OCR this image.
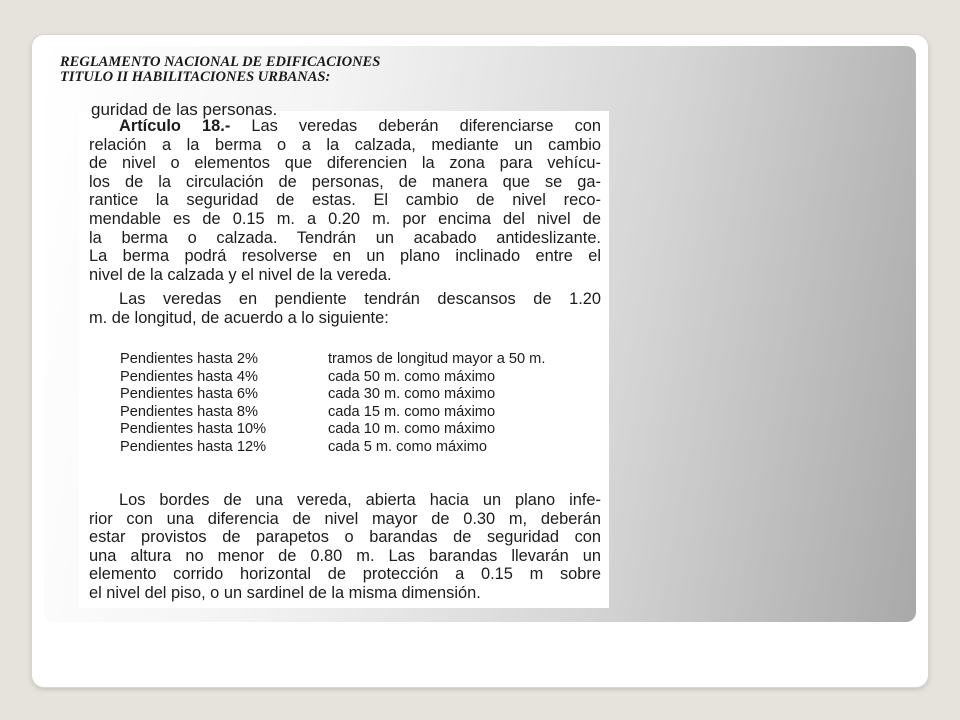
REGLAMENTO NACIONAL DE EDIFICACIONES
TITULO II HABILITACIONES URBANAS:
guridad de las personas.

Artículo 18.- Las veredas deberán diferenciarse con
relación a la berma o a la calzada, mediante un cambio
de nivel o elementos que diferencien la zona para vehícu-
los de la circulación de personas, de manera que se ga-
rantice la seguridad de estas. El cambio de nivel reco-
mendable es de 0.15 m. a 0.20 m. por encima del nivel de
la berma o calzada. Tendrán un acabado antideslizante.
La berma podrá resolverse en un plano inclinado entre el
nivel de la calzada y el nivel de la vereda.

Las veredas en pendiente tendrán descansos de 1.20
m. de longitud, de acuerdo a lo siguiente:

Pendientes hasta 2%	tramos de longitud mayor a 50 m.
Pendientes hasta 4%	cada 50 m. como máximo
Pendientes hasta 6%	cada 30 m. como máximo
Pendientes hasta 8%	cada 15 m. como máximo
Pendientes hasta 10%	cada 10 m. como máximo
Pendientes hasta 12%	cada 5 m. como máximo

Los bordes de una vereda, abierta hacia un plano infe-
rior con una diferencia de nivel mayor de 0.30 m, deberán
estar provistos de parapetos o barandas de seguridad con
una altura no menor de 0.80 m. Las barandas llevarán un
elemento corrido horizontal de protección a 0.15 m sobre
el nivel del piso, o un sardinel de la misma dimensión.
